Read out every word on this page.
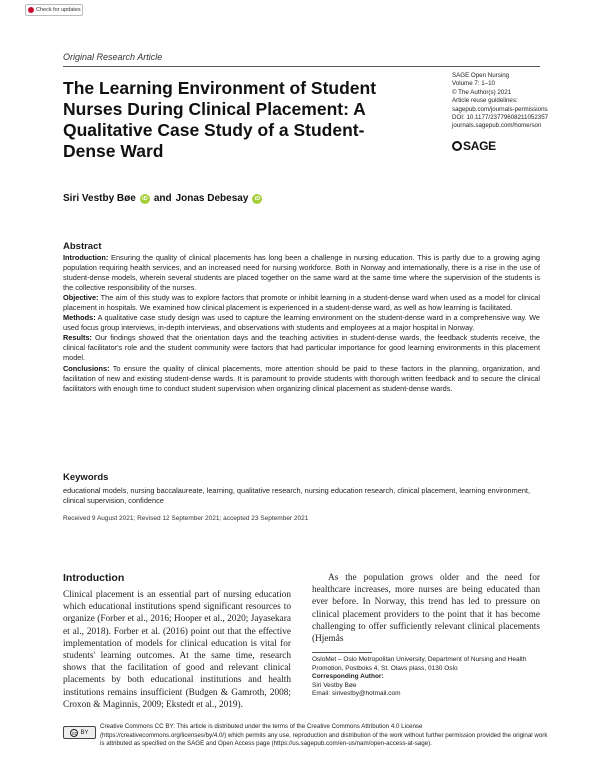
Check for updates
Original Research Article
The Learning Environment of Student Nurses During Clinical Placement: A Qualitative Case Study of a Student-Dense Ward
SAGE Open Nursing
Volume 7: 1–10
© The Author(s) 2021
Article reuse guidelines:
sagepub.com/journals-permissions
DOI: 10.1177/23779608211052357
journals.sagepub.com/home/son
SAGE
Siri Vestby Bøe	iD and Jonas Debesay	iD
Abstract

Introduction: Ensuring the quality of clinical placements has long been a challenge in nursing education. This is partly due to a growing aging population requiring health services, and an increased need for nursing workforce. Both in Norway and internationally, there is a rise in the use of student-dense models, wherein several students are placed together on the same ward at the same time where the supervision of the students is the collective responsibility of the nurses.

Objective: The aim of this study was to explore factors that promote or inhibit learning in a student-dense ward when used as a model for clinical placement in hospitals. We examined how clinical placement is experienced in a student-dense ward, as well as how learning is facilitated.

Methods: A qualitative case study design was used to capture the learning environment on the student-dense ward in a comprehensive way. We used focus group interviews, in-depth interviews, and observations with students and employees at a major hospital in Norway.

Results: Our findings showed that the orientation days and the teaching activities in student-dense wards, the feedback students receive, the clinical facilitator's role and the student community were factors that had particular importance for good learning environments in this placement model.

Conclusions: To ensure the quality of clinical placements, more attention should be paid to these factors in the planning, organization, and facilitation of new and existing student-dense wards. It is paramount to provide students with thorough written feedback and to secure the clinical facilitators with enough time to conduct student supervision when organizing clinical placement as student-dense wards.

Keywords
educational models, nursing baccalaureate, learning, qualitative research, nursing education research, clinical placement, learning environment, clinical supervision, confidence
Received 9 August 2021; Revised 12 September 2021; accepted 23 September 2021
Introduction
Clinical placement is an essential part of nursing education which educational institutions spend significant resources to organize (Forber et al., 2016; Hooper et al., 2020; Jayasekara et al., 2018). Forber et al. (2016) point out that the effective implementation of models for clinical education is vital for students' learning outcomes. At the same time, research shows that the facilitation of good and relevant clinical placements by both educational institutions and health institutions remains insufficient (Budgen & Gamroth, 2008; Croxon & Maginnis, 2009; Ekstedt et al., 2019).
As the population grows older and the need for healthcare increases, more nurses are being educated than ever before. In Norway, this trend has led to pressure on clinical placement providers to the point that it has become challenging to offer sufficiently relevant clinical placements (Hjemås
OsloMet – Oslo Metropolitan University, Department of Nursing and Health Promotion, Postboks 4, St. Olavs plass, 0130 Oslo
Corresponding Author:
Siri Vestby Bøe
Email: sirivestby@hotmail.com
cc BY
Creative Commons CC BY: This article is distributed under the terms of the Creative Commons Attribution 4.0 License (https://creativecommons.org/licenses/by/4.0/) which permits any use, reproduction and distribution of the work without further permission provided the original work is attributed as specified on the SAGE and Open Access page (https://us.sagepub.com/en-us/nam/open-access-at-sage).
